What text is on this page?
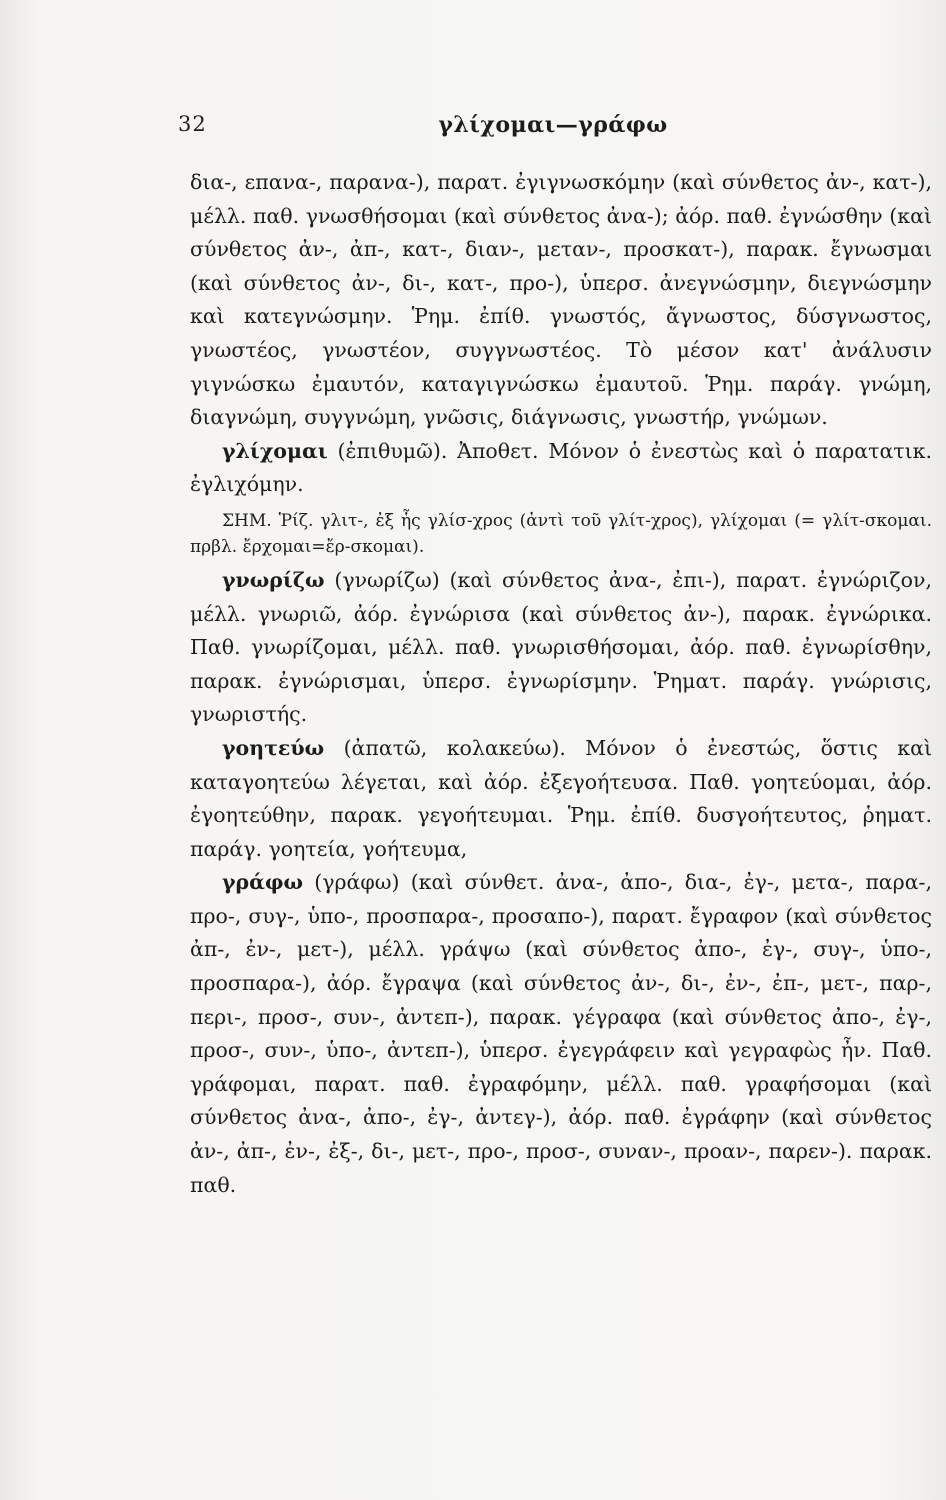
32	γλίχομαι—γράφω

δια-, επανα-, παρανα-), παρατ. ἐγιγνωσκόμην (καὶ σύνθετος ἀν-, κατ-), μέλλ. παθ. γνωσθήσομαι (καὶ σύνθετος ἀνα-); ἀόρ. παθ. ἐγνώσθην (καὶ σύνθετος ἀν-, ἀπ-, κατ-, διαν-, μεταν-, προσκατ-), παρακ. ἔγνωσμαι (καὶ σύνθετος ἀν-, δι-, κατ-, προ-), ὑπερσ. ἀνεγνώσμην, διεγνώσμην καὶ κατεγνώσμην. Ῥημ. ἐπίθ. γνωστός, ἄγνωστος, δύσγνωστος, γνωστέος, γνωστέον, συγγνωστέος. Τὸ μέσον κατ' ἀνάλυσιν γιγνώσκω ἐμαυτόν, καταγιγνώσκω ἐμαυτοῦ. Ῥημ. παράγ. γνώμη, διαγνώμη, συγγνώμη, γνῶσις, διάγνωσις, γνωστήρ, γνώμων.

γλίχομαι (ἐπιθυμῶ). Ἀποθετ. Μόνον ὁ ἐνεστὼς καὶ ὁ παρατατικ. ἐγλιχόμην.

ΣΗΜ. Ῥίζ. γλιτ-, ἐξ ἧς γλίσ-χρος (ἀντὶ τοῦ γλίτ-χρος), γλίχομαι (= γλίτ-σκομαι. πρβλ. ἔρχομαι=ἔρ-σκομαι).

γνωρίζω (γνωρίζω) (καὶ σύνθετος ἀνα-, ἐπι-), παρατ. ἐγνώριζον, μέλλ. γνωριῶ, ἀόρ. ἐγνώρισα (καὶ σύνθετος ἀν-), παρακ. ἐγνώρικα. Παθ. γνωρίζομαι, μέλλ. παθ. γνωρισθήσομαι, ἀόρ. παθ. ἐγνωρίσθην, παρακ. ἐγνώρισμαι, ὑπερσ. ἐγνωρίσμην. Ῥηματ. παράγ. γνώρισις, γνωριστής.

γοητεύω (ἀπατῶ, κολακεύω). Μόνον ὁ ἐνεστώς, ὅστις καὶ καταγοητεύω λέγεται, καὶ ἀόρ. ἐξεγοήτευσα. Παθ. γοητεύομαι, ἀόρ. ἐγοητεύθην, παρακ. γεγοήτευμαι. Ῥημ. ἐπίθ. δυσγοήτευτος, ῥηματ. παράγ. γοητεία, γοήτευμα,

γράφω (γράφω) (καὶ σύνθετ. ἀνα-, ἀπο-, δια-, ἐγ-, μετα-, παρα-, προ-, συγ-, ὑπο-, προσπαρα-, προσαπο-), παρατ. ἔγραφον (καὶ σύνθετος ἀπ-, ἐν-, μετ-), μέλλ. γράψω (καὶ σύνθετος ἀπο-, ἐγ-, συγ-, ὑπο-, προσπαρα-), ἀόρ. ἔγραψα (καὶ σύνθετος ἀν-, δι-, ἐν-, ἐπ-, μετ-, παρ-, περι-, προσ-, συν-, ἀντεπ-), παρακ. γέγραφα (καὶ σύνθετος ἀπο-, ἐγ-, προσ-, συν-, ὑπο-, ἀντεπ-), ὑπερσ. ἐγεγράφειν καὶ γεγραφὼς ἦν. Παθ. γράφομαι, παρατ. παθ. ἐγραφόμην, μέλλ. παθ. γραφήσομαι (καὶ σύνθετος ἀνα-, ἀπο-, ἐγ-, ἀντεγ-), ἀόρ. παθ. ἐγράφην (καὶ σύνθετος ἀν-, ἀπ-, ἐν-, ἐξ-, δι-, μετ-, προ-, προσ-, συναν-, προαν-, παρεν-). παρακ. παθ.
